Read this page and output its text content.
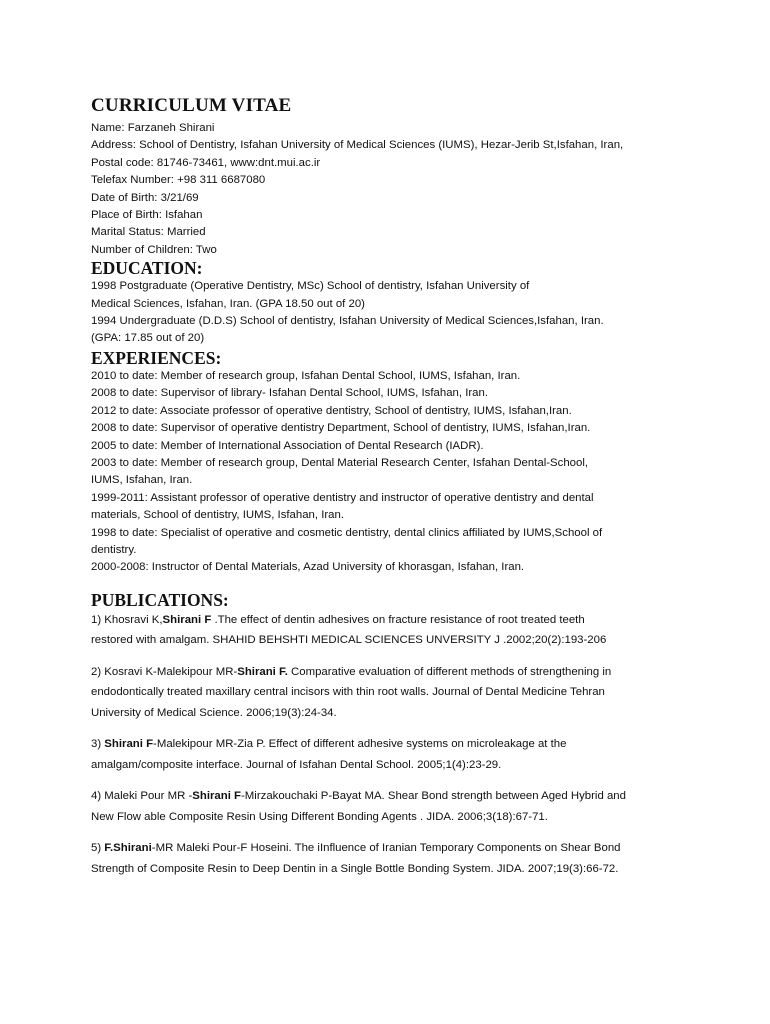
CURRICULUM VITAE
Name: Farzaneh Shirani
Address: School of Dentistry, Isfahan University of Medical Sciences (IUMS), Hezar-Jerib St,Isfahan, Iran,
Postal code: 81746-73461, www:dnt.mui.ac.ir
Telefax Number: +98 311 6687080
Date of Birth: 3/21/69
Place of Birth: Isfahan
Marital Status: Married
Number of Children: Two
EDUCATION:
1998 Postgraduate (Operative Dentistry, MSc) School of dentistry, Isfahan University of
Medical Sciences, Isfahan, Iran. (GPA 18.50 out of 20)
1994 Undergraduate (D.D.S) School of dentistry, Isfahan University of Medical Sciences,Isfahan, Iran.
(GPA: 17.85 out of 20)
EXPERIENCES:
2010 to date: Member of research group, Isfahan Dental School, IUMS, Isfahan, Iran.
2008 to date: Supervisor of library- Isfahan Dental School, IUMS, Isfahan, Iran.
2012 to date: Associate professor of operative dentistry, School of dentistry, IUMS, Isfahan,Iran.
2008 to date: Supervisor of operative dentistry Department, School of dentistry, IUMS, Isfahan,Iran.
2005 to date: Member of International Association of Dental Research (IADR).
2003 to date: Member of research group, Dental Material Research Center, Isfahan Dental-School,
IUMS, Isfahan, Iran.
1999-2011: Assistant professor of operative dentistry and instructor of operative dentistry and dental
materials, School of dentistry, IUMS, Isfahan, Iran.
1998 to date: Specialist of operative and cosmetic dentistry, dental clinics affiliated by IUMS,School of
dentistry.
2000-2008: Instructor of Dental Materials, Azad University of khorasgan, Isfahan, Iran.
PUBLICATIONS:
1) Khosravi K,Shirani F .The effect of dentin adhesives on fracture resistance of root treated teeth
restored with amalgam. SHAHID BEHSHTI MEDICAL SCIENCES UNVERSITY J .2002;20(2):193-206
2) Kosravi K-Malekipour MR-Shirani F. Comparative evaluation of different methods of strengthening in
endodontically treated maxillary central incisors with thin root walls. Journal of Dental Medicine Tehran
University of Medical Science. 2006;19(3):24-34.
3) Shirani F-Malekipour MR-Zia P. Effect of different adhesive systems on microleakage at the
amalgam/composite interface. Journal of Isfahan Dental School. 2005;1(4):23-29.
4) Maleki Pour MR -Shirani F-Mirzakouchaki P-Bayat MA. Shear Bond strength between Aged Hybrid and
New Flow able Composite Resin Using Different Bonding Agents . JIDA. 2006;3(18):67-71.
5) F.Shirani-MR Maleki Pour-F Hoseini. The iInfluence of Iranian Temporary Components on Shear Bond
Strength of Composite Resin to Deep Dentin in a Single Bottle Bonding System. JIDA. 2007;19(3):66-72.
